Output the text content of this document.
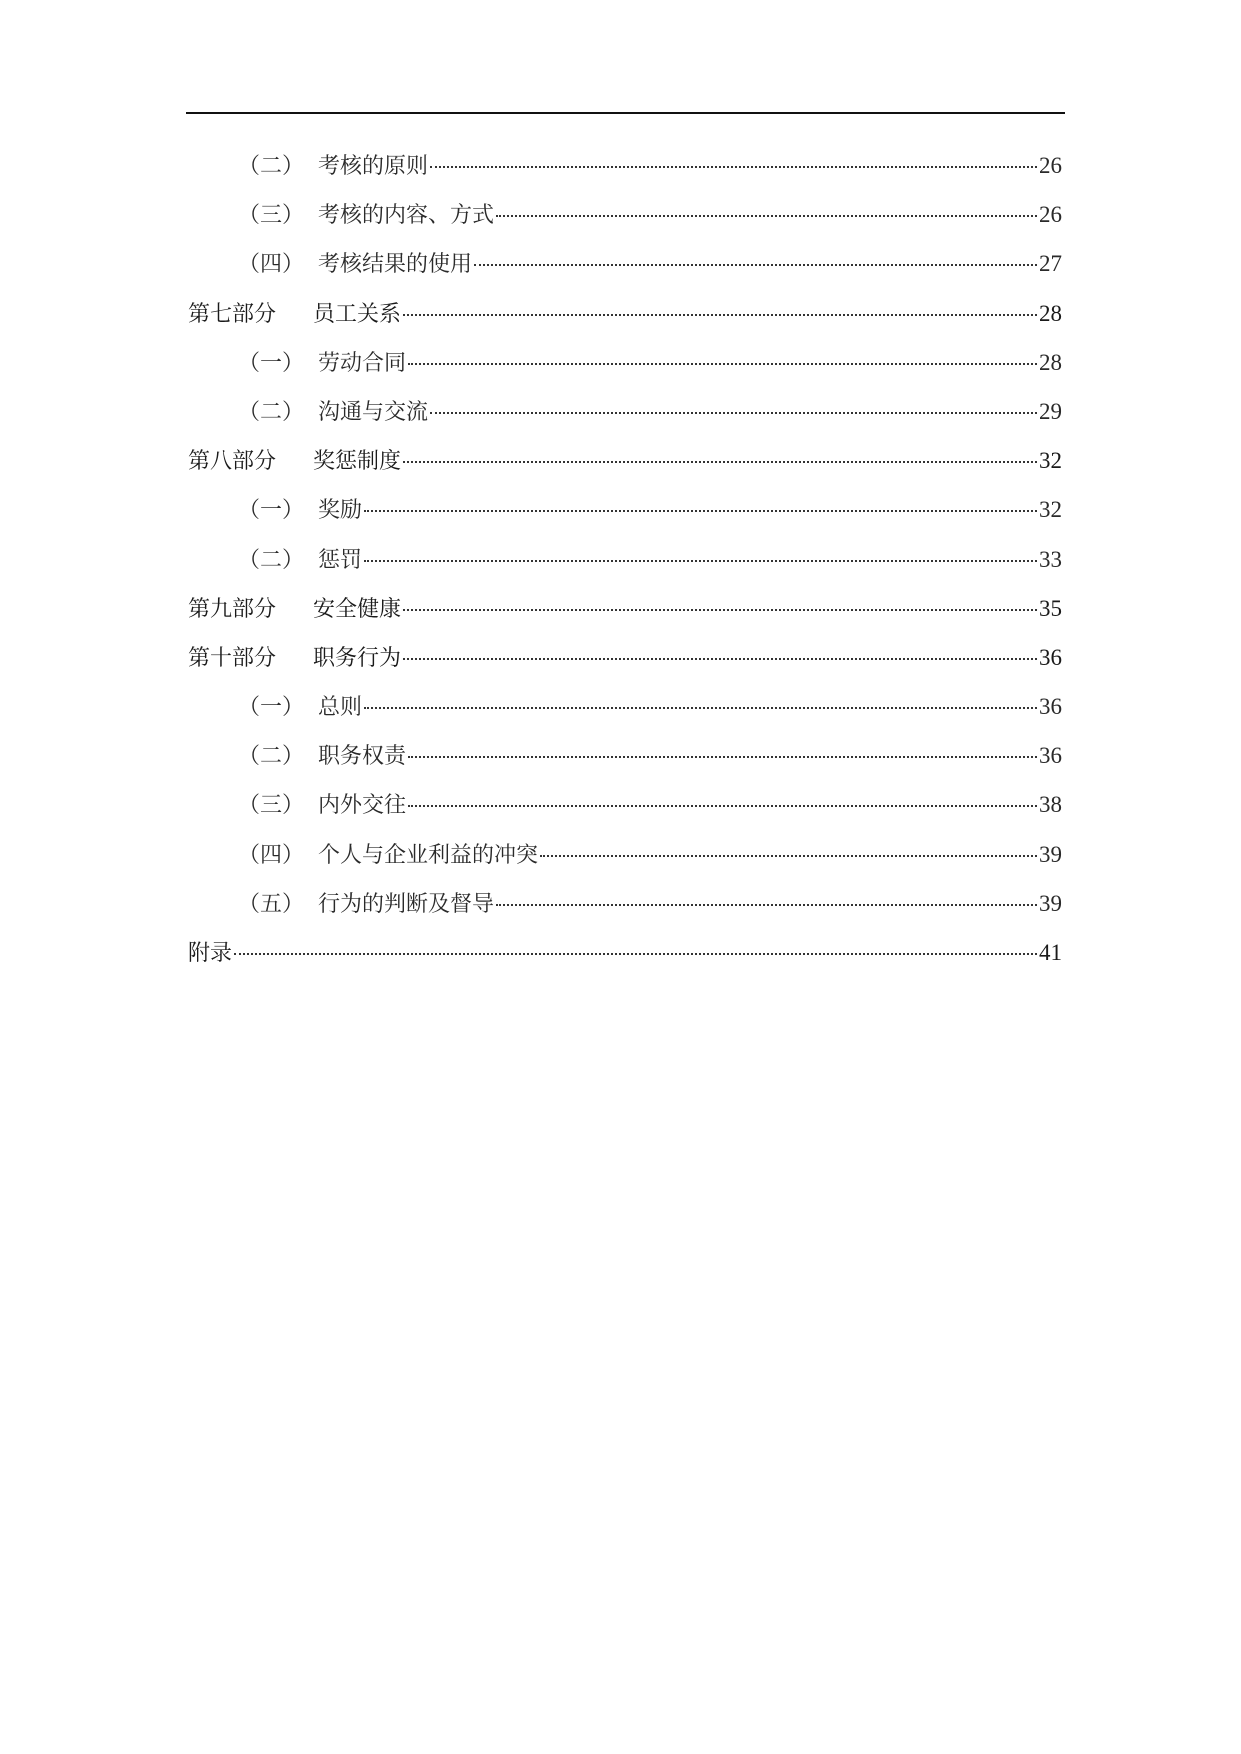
（二） 考核的原则	26
（三） 考核的内容、方式	26
（四） 考核结果的使用	27
第七部分	员工关系	28
（一） 劳动合同	28
（二） 沟通与交流	29
第八部分	奖惩制度	32
（一） 奖励	32
（二） 惩罚	33
第九部分	安全健康	35
第十部分	职务行为	36
（一） 总则	36
（二） 职务权责	36
（三） 内外交往	38
（四） 个人与企业利益的冲突	39
（五） 行为的判断及督导	39
附录	41
